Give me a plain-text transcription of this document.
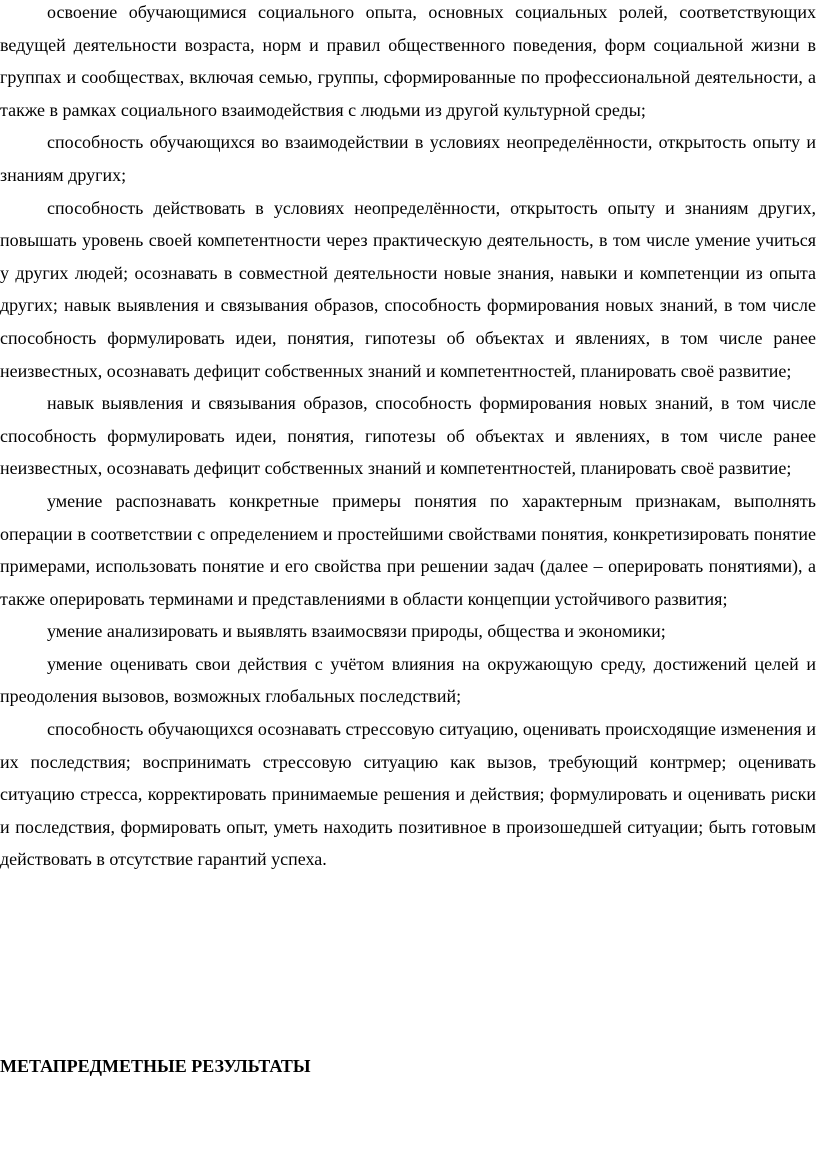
освоение обучающимися социального опыта, основных социальных ролей, соответствующих ведущей деятельности возраста, норм и правил общественного поведения, форм социальной жизни в группах и сообществах, включая семью, группы, сформированные по профессиональной деятельности, а также в рамках социального взаимодействия с людьми из другой культурной среды;

способность обучающихся во взаимодействии в условиях неопределённости, открытость опыту и знаниям других;

способность действовать в условиях неопределённости, открытость опыту и знаниям других, повышать уровень своей компетентности через практическую деятельность, в том числе умение учиться у других людей; осознавать в совместной деятельности новые знания, навыки и компетенции из опыта других; навык выявления и связывания образов, способность формирования новых знаний, в том числе способность формулировать идеи, понятия, гипотезы об объектах и явлениях, в том числе ранее неизвестных, осознавать дефицит собственных знаний и компетентностей, планировать своё развитие;

навык выявления и связывания образов, способность формирования новых знаний, в том числе способность формулировать идеи, понятия, гипотезы об объектах и явлениях, в том числе ранее неизвестных, осознавать дефицит собственных знаний и компетентностей, планировать своё развитие;

умение распознавать конкретные примеры понятия по характерным признакам, выполнять операции в соответствии с определением и простейшими свойствами понятия, конкретизировать понятие примерами, использовать понятие и его свойства при решении задач (далее – оперировать понятиями), а также оперировать терминами и представлениями в области концепции устойчивого развития;

умение анализировать и выявлять взаимосвязи природы, общества и экономики;

умение оценивать свои действия с учётом влияния на окружающую среду, достижений целей и преодоления вызовов, возможных глобальных последствий;

способность обучающихся осознавать стрессовую ситуацию, оценивать происходящие изменения и их последствия; воспринимать стрессовую ситуацию как вызов, требующий контрмер; оценивать ситуацию стресса, корректировать принимаемые решения и действия; формулировать и оценивать риски и последствия, формировать опыт, уметь находить позитивное в произошедшей ситуации; быть готовым действовать в отсутствие гарантий успеха.

МЕТАПРЕДМЕТНЫЕ РЕЗУЛЬТАТЫ
